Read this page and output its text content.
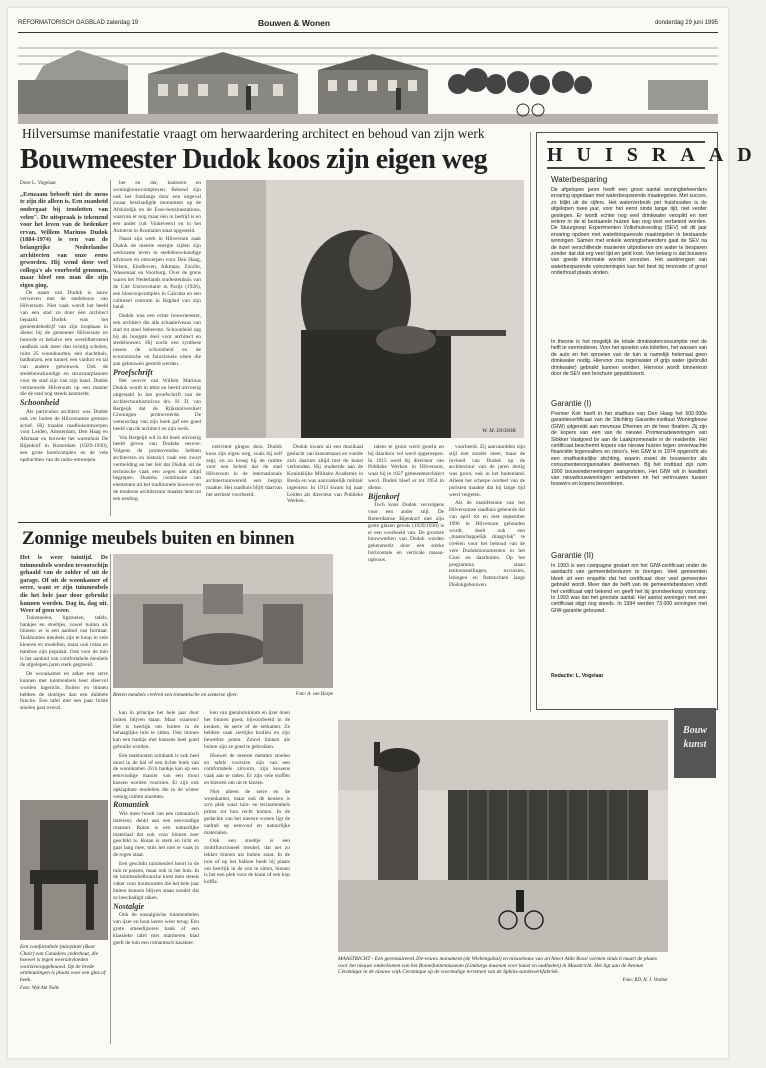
REFORMATORISCH DAGBLAD zaterdag 19	Bouwen & Wonen	donderdag 29 juni 1995
Hilversumse manifestatie vraagt om herwaardering architect en behoud van zijn werk
Bouwmeester Dudok koos zijn eigen weg
Door L. Vogelaar
„Eenzaam beboeft niet de mens te zijn die alleen is. Een zuanheid ondergaat bij tenslotten van velen". De uitspraak is tekenend voor het leven van de bedenker ervan, Willem Marinus Dudok (1884-1974) is een van de belangrijke Nederlandse architecten van onze eeuw geworden. Hij wend door veel collega's als voorbeeld genomen, maar bleef een man die zijn eigen ging.

De naam van Dudok is nauw verweven met de stedebouw van Hilversum. Niet vaak wordt het beeld van een stad zo door één architect bepaald. Dudok was het gemeentebedrijf van zijn loopbaan in dienst bij de gemeente Hilversum en bouwde er behalve een wereldberoemd raadhuis ook meer dan twintig scholen, ruim 25 woonbuurten, een slachthuis, badhuizen, een tunnel, een viaduct en tal van andere gebouwen. Ook de stedebouwkundige en structuurplannen voor de stad zijn van zijn hand. Dudok vernieuwde Hilversum op een manier die de stad nog steeds kenmerkt.

Schoonheid

Als particulier architect was Dudok ook ver buiten de Hilversumse grenzen actief. Hij maakte raadhuisontwerpen voor Leiden, Amsterdam, Den Haag en Alkmaar en bouwde het warenhuis De Bijenkorf in Rotterdam (1929-1930), een grote hotelcomplex en de vele opdrachten van de radio-omroepen.

her en der, kantoren en woningbouwcomplexen. Bekend zijn ook het fontlangs door een ongeval zwaar beschadigde monument op de Afsluitdijk en de Esso-benzinestations, waarvan er nog maar één in bedrijf is en een ander (uit Vinkeveen) en in het Autotron in Rosmalen staat opgesteld.

Naast zijn werk in Hilversum zaak Dudok de meeste energie zijden zijn werkzame leven in stedebouwkundige adviezen en ontwerpen voor Den Haag, Velsen, Eindhoven, Alkmaar, Zwolle, Wassenaar en Voorburg. Over de grens waren het Nederlands studentenhuis van de Cité Universitaire in Parijs (1926), een bioscoopcomplex in Calcutta en een cultureel centrum in Bagdad van zijn hand.

Dudok was een echte bouwmeester, een architect die alle schaalniveaus van stad tot stoel beheerste. Schoonheid zag hij als hoogste doel voor architect en stedebouwer. Hij zocht een synthese tussen de schoonheid en de economische en functionele eisen die aan gebouwen gesteld werden.

Proefschrift

Het oeuvre van Willem Marinus Dudok wordt in tekst en beeld uitvoerig uitgestald in het proefschrift van de architectuurhistoricus drs. H. D. van Bergeijk dat de Rijksuniversiteit Groningen promoveerde. De wetenschap van zijn boek gaf een goed beeld van de architect en zijn werk.

Van Bergeijk wil in dit boek uitvoerig beeld geven van Dudoks oeuvre. Volgens de promovendus hebben architecten en historici vaak een zwart vermelding en het feit dat Dudok uit de technische vaak een zegen niet altijd begrepen. Dudoks combinatie van elementen uit het traditionele bouwen en de moderne architectuur maakte hem tot een eenling.

W. M. DUDOK

notiviteit gingen door. Dudok koos zijn eigen weg, zoals hij zelf zegt, en zo kreeg hij de ruimte voor een beleid dat de stad Hilversum in de internationale architectuurwereld een begrip maakte. Het raadhuis blijft daarvan het sterkste voorbeeld.

Dudok kwam uit een muzikaal geslacht van kunstenaars en voelde zich daarom altijd met de kunst verbonden. Hij studeerde aan de Koninklijke Militaire Academie in Breda en was aanvankelijk militair ingenieur. In 1913 kwam hij naar Leiden als directeur van Publieke Werken.

talent te groot werd geacht en hij daardoor vol werd opgeroepen. In 1915 werd hij directeur van Publieke Werken in Hilversum, waar hij in 1927 gemeentearchitect werd. Dudok bleef er tot 1954 in dienst.

Bijenkorf

Toch koos Dudok vervolgens voor een ander stijl. De Rotterdamse Bijenkorf met zijn grote glazen gevels (1929/1930) is er een voorbeeld van. De grootste bouwwerken van Dudok worden gekenmerkt door een sterke horizontale en verticale massa-opbouw.

voorbeeld. Zij aanvaardden zijn stijl niet zonder meer, maar de invloed van Dudok op de architectuur van de jaren dertig was groot, ook in het buitenland. Alleen het scherpe oordeel van de puristen maakte dat hij lange tijd werd vergeten.

Als de manifestatie van het Hilversumse raadhuis gebeurde dat van april tot en met september 1996 in Hilversum gehouden wordt, deelt ook een „maatschappelijk draagvlak" te creëren voor het behoud van de vele Dudokmonumenten in het Gooi en daarbuiten. Op het programma staan tentoonstellingen, excursies, lezingen en fietstochten langs Dudokgebouwen.

Zonnige meubels buiten en binnen
Het is weer tuintijd. De tuinmeubels worden tevoorschijn gehaald van de zolder of uit de garage. Of uit de woonkamer of serre, want er zijn tuinmeubels die het hele jaar door gebruikt kunnen worden. Dag in, dag uit. Weer of geen weer.

Tuinstoelen, ligstoelen, tafels, bankjes en stoeltjes, zowel buiten als binnen: er is een aanbod van formaat. Teakhouten meubels zijn te koop in vele kleuren en modellen, maar ook rotan en bamboe zijn populair. Ook voor de tuin is het aanbod van comfortabele meubels de afgelopen jaren sterk gegroeid.

De woonkamer en zeker een serre kunnen met tuinmeubels heel sfeervol worden ingericht. Buiten en binnen hebben de stoeltjes dan een dubbele functie. Een tafel met een paar lichte stoelen past overal.

Een comfortabele (tuin)stoel (Bear Chair) van Canadees cederhout, die hoewel is tegen weersinvloeden voorzien/opgebouwd. Op de brede armleuningen is plaats voor een glas of boek.
Foto: Wyk Ant Nolte
Rieten meubels creëren een romantische en zomerse sfeer.	Foto: A. van Harpe

kan in principe het hele jaar door buiten blijven staan. Maar waarom? Het is heerlijk om buiten in de behaaglijke tuin te zitten. Ook binnen kan een bankje met kussens heel goed gebruikt worden.

Een teakhouten tuinbank is ook heel mooi in de hal of een lichte hoek van de woonkamer. Zo'n bankje kan op een eenvoudige manier van een mooi kussen worden voorzien. Er zijn ook opklapbare modellen die in de winter weinig ruimte innemen.

Romantiek

Wie meer houdt van een romantisch interieur, denkt aan een eenvoudige rotanset. Rotan is een natuurlijke materiaal dat ook voor binnen zeer geschikt is. Rotan is sterk en licht en gaat lang mee, mits het niet te vaak in de regen staat.

Een geschikt tuinmeubel hoort in de tuin te passen, maar ook in het huis. In de tuinmeubelbranche kiest men steeds vaker voor houtsoorten die het hele jaar buiten kunnen blijven staan zonder dat ze beschadigd raken.

Nostalgie

Ook de nostalgische tuinmeubelen van ijzer en hout keren weer terug. Een grote smeedijzeren bank of een klassieke tafel met marmeren blad geeft de tuin een romantisch karakter.

ken van gietaluminium en ijzer doen het binnen goed, bijvoorbeeld in de keuken, de serre of de eetkamer. Ze hebben vaak sierlijke krullen en zijn bewerkte poten. Zowel binnen als buiten zijn ze goed te gebruiken.

Hoewel de meeste metalen stoelen en tafels voorzien zijn van een comfortabele zitvorm, zijn kussens vaak aan te raden. Er zijn vele stoffen en kleuren om uit te kiezen.

Niet alleen de serre en de woonkamer, maar ook de keuken is zo'n plek waar tuin- en terrasmeubels prima tot hun recht komen. In de gedachte van het nieuwe wonen ligt de nadruk op eenvoud en natuurlijke materialen.

Ook een stoeltje is een multifunctioneel meubel, dat net zo lekker binnen als buiten staat. In de tuin of op het balkon biedt hij plaats om heerlijk in de zon te zitten, binnen is het een plek voor de krant of een kop koffie.

HUISRAAD
Waterbesparing
De afgelopen jaren heeft een groot aantal woningbeheerders ervaring opgedaan met waterbesparende maatregelen. Met succes, zo blijkt uit de cijfers. Het waterverbruik per huishouden is de afgelopen twee jaar, voor het eerst sinds lange tijd, niet verder gestegen. Er wordt echter nog veel drinkwater verspild en niet iedere in de al bestaande huizen kan nog veel verbeterd worden. De Stuurgroep Experimenten Volkshuisvesting (SEV) wil dit jaar ervaring opdoen met waterbesparende maatregelen in bestaande woningen. Samen met enkele woningbeheerders gaat de SEV na de inzet verschillende manieren uitproberen om water te besparen zonder dat dat erg veel tijd en geld kost. Van belang is dat bouwers van goede informatie worden voorzien. Het aanbrengen van waterbesparende voorzieningen kan het best bij renovatie of groot onderhoud plaats vinden.
In theorie is het mogelijk de totale drinkwaterconsumptie met de helft te verminderen. Voor het spoelen van toiletten, het wassen van de auto en het sproeien van de tuin is namelijk helemaal geen drinkwater nodig. Hiervoor zou regenwater of grijs water (gebruikt drinkwater) gebruikt kunnen worden. Hiervoor wordt binnenkort door de SEV een brochure gepubliceerd.
Garantie (I)
Premier Kok heeft in het stadhuis van Den Haag het 500.000e garantiecertificaat van de Stichting Garantie-instituut Woningbouw (GIW) uitgereikt aan mevrouw Dhemen en de heer Ibrahim. Zij zijn de kopers van een van de nieuwe Promenadewoningen van Slokker Vastgoed bv aan de Laakpromenade in de residentie. Het certificaat beschermt kopers van nieuwe huizen tegen onverwachte financiële tegenvallers en risico's. Het GIW is in 1974 opgericht als een onafhankelijke stichting, waarin zowel de bouwsector als consumentenorganisaties deelnemen. Bij het instituut zijn ruim 1900 bouwondernemingen aangesloten. Het GIW wil in kwaliteit van nieuwbouwwoningen verbeteren en het vertrouwen tussen bouwers en kopers bevorderen.
Garantie (II)
In 1993 is een campagne gestart om het GIW-certificaat onder de aandacht van gemeentebesturen te brengen. Veel gemeenten bleek uit een enquête dat het certificaat door veel gemeenten gebruikt wordt. Meer dan de helft van de gemeentebesturen vindt het certificaat wijd bekend en geeft het bij grondverkoop voorrang. In 1993 was dat het grootste aantal. Het aantal woningen met een certificaat stijgt nog steeds. In 1994 werden 73.000 woningen met GIW-garantie gebouwd.
Redactie: L. Vogelaar
Bouw kunst
MAASTRICHT - Een gerestaureerd 20e-eeuws monument (de Wiebengahal) en nieuwbouw van architect Aldo Rossi vormen sinds 6 maart de plaats voor het nieuwe onderkomen van het Bonnefantenmuseum (Limburgs museum voor kunst en oudheden) in Maastricht. Het ligt aan de Avenue Céramique in de nieuwe wijk Céramique op de voormalige terreinen van de Sphinx-aardewerkfabriek.
Foto: RD, H. J. Vesthor
